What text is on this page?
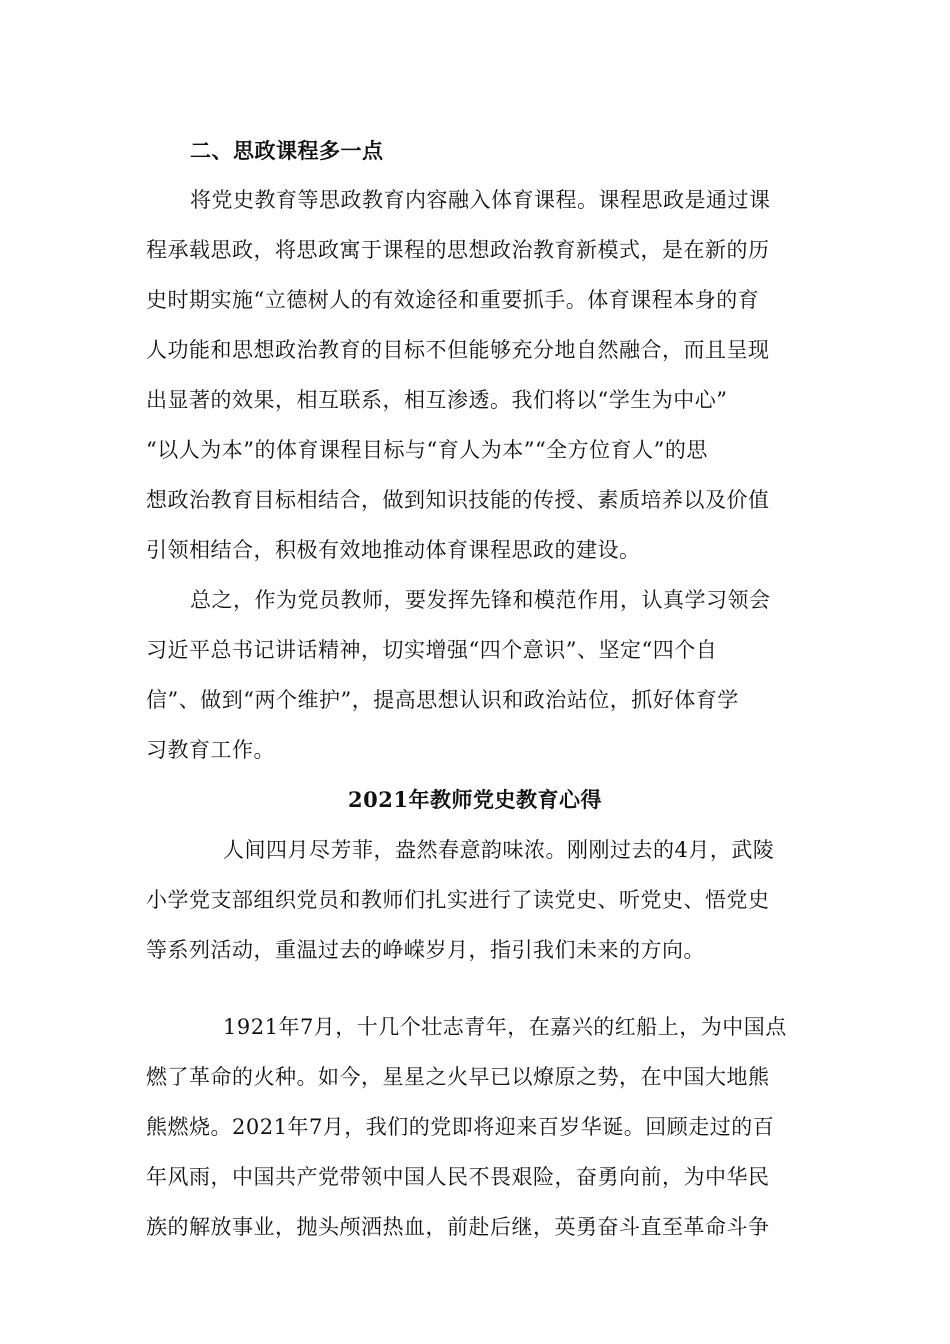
二、思政课程多一点

将党史教育等思政教育内容融入体育课程。课程思政是通过课

程承载思政，将思政寓于课程的思想政治教育新模式，是在新的历

史时期实施“立德树人的有效途径和重要抓手。体育课程本身的育

人功能和思想政治教育的目标不但能够充分地自然融合，而且呈现

出显著的效果，相互联系，相互渗透。我们将以“学生为中心”

“以人为本”的体育课程目标与“育人为本”“全方位育人”的思

想政治教育目标相结合，做到知识技能的传授、素质培养以及价值

引领相结合，积极有效地推动体育课程思政的建设。

总之，作为党员教师，要发挥先锋和模范作用，认真学习领会

习近平总书记讲话精神，切实增强“四个意识”、坚定“四个自

信”、做到“两个维护”，提高思想认识和政治站位，抓好体育学

习教育工作。

2021年教师党史教育心得

人间四月尽芳菲，盎然春意韵味浓。刚刚过去的4月，武陵

小学党支部组织党员和教师们扎实进行了读党史、听党史、悟党史

等系列活动，重温过去的峥嵘岁月，指引我们未来的方向。

1921年7月，十几个壮志青年，在嘉兴的红船上，为中国点

燃了革命的火种。如今，星星之火早已以燎原之势，在中国大地熊

熊燃烧。2021年7月，我们的党即将迎来百岁华诞。回顾走过的百

年风雨，中国共产党带领中国人民不畏艰险，奋勇向前，为中华民

族的解放事业，抛头颅洒热血，前赴后继，英勇奋斗直至革命斗争
